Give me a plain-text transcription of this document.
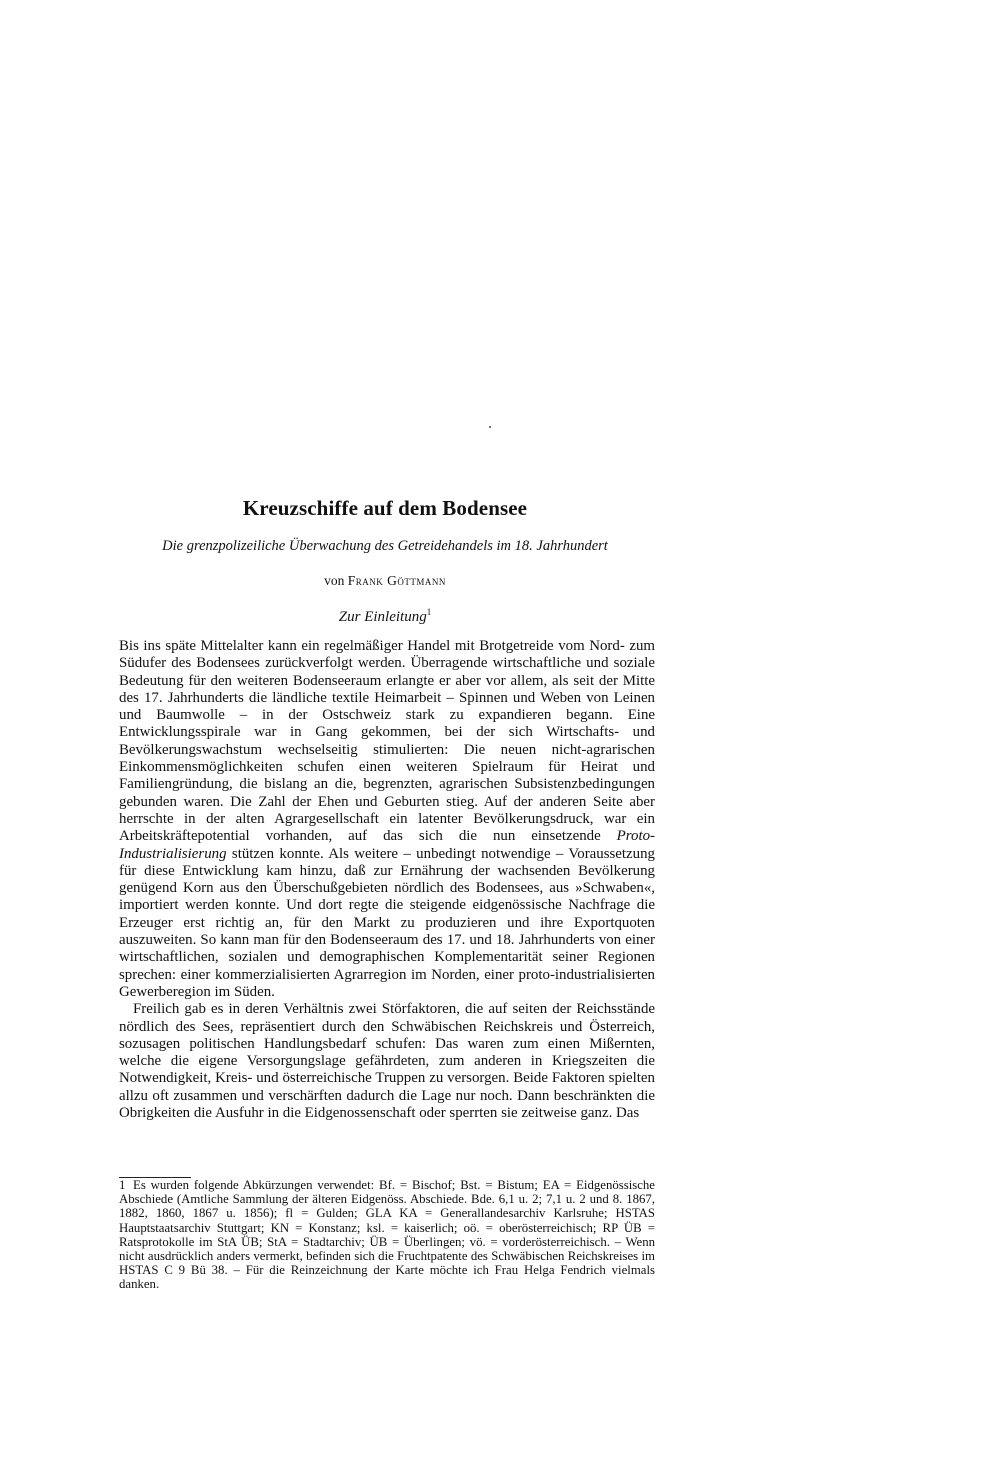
Kreuzschiffe auf dem Bodensee
Die grenzpolizeiliche Überwachung des Getreidehandels im 18. Jahrhundert
von Frank Göttmann
Zur Einleitung$^1$

Bis ins späte Mittelalter kann ein regelmäßiger Handel mit Brotgetreide vom Nord- zum Südufer des Bodensees zurückverfolgt werden. Überragende wirtschaftliche und soziale Bedeutung für den weiteren Bodenseeraum erlangte er aber vor allem, als seit der Mitte des 17. Jahrhunderts die ländliche textile Heimarbeit – Spinnen und Weben von Leinen und Baumwolle – in der Ostschweiz stark zu expandieren begann. Eine Entwicklungsspirale war in Gang gekommen, bei der sich Wirtschafts- und Bevölkerungswachstum wechselseitig stimulierten: Die neuen nicht-agrarischen Einkommensmöglichkeiten schufen einen weiteren Spielraum für Heirat und Familiengründung, die bislang an die, begrenzten, agrarischen Subsistenzbedingungen gebunden waren. Die Zahl der Ehen und Geburten stieg. Auf der anderen Seite aber herrschte in der alten Agrargesellschaft ein latenter Bevölkerungsdruck, war ein Arbeitskräftepotential vorhanden, auf das sich die nun einsetzende Proto-Industrialisierung stützen konnte. Als weitere – unbedingt notwendige – Voraussetzung für diese Entwicklung kam hinzu, daß zur Ernährung der wachsenden Bevölkerung genügend Korn aus den Überschußgebieten nördlich des Bodensees, aus »Schwaben«, importiert werden konnte. Und dort regte die steigende eidgenössische Nachfrage die Erzeuger erst richtig an, für den Markt zu produzieren und ihre Exportquoten auszuweiten. So kann man für den Bodenseeraum des 17. und 18. Jahrhunderts von einer wirtschaftlichen, sozialen und demographischen Komplementarität seiner Regionen sprechen: einer kommerzialisierten Agrarregion im Norden, einer proto-industrialisierten Gewerberegion im Süden.

Freilich gab es in deren Verhältnis zwei Störfaktoren, die auf seiten der Reichsstände nördlich des Sees, repräsentiert durch den Schwäbischen Reichskreis und Österreich, sozusagen politischen Handlungsbedarf schufen: Das waren zum einen Mißernten, welche die eigene Versorgungslage gefährdeten, zum anderen in Kriegszeiten die Notwendigkeit, Kreis- und österreichische Truppen zu versorgen. Beide Faktoren spielten allzu oft zusammen und verschärften dadurch die Lage nur noch. Dann beschränkten die Obrigkeiten die Ausfuhr in die Eidgenossenschaft oder sperrten sie zeitweise ganz. Das

1 Es wurden folgende Abkürzungen verwendet: Bf. = Bischof; Bst. = Bistum; EA = Eidgenössische Abschiede (Amtliche Sammlung der älteren Eidgenöss. Abschiede. Bde. 6,1 u. 2; 7,1 u. 2 und 8. 1867, 1882, 1860, 1867 u. 1856); fl = Gulden; GLA KA = Generallandesarchiv Karlsruhe; HSTAS Hauptstaatsarchiv Stuttgart; KN = Konstanz; ksl. = kaiserlich; oö. = oberösterreichisch; RP ÜB = Ratsprotokolle im StA ÜB; StA = Stadtarchiv; ÜB = Überlingen; vö. = vorderösterreichisch. – Wenn nicht ausdrücklich anders vermerkt, befinden sich die Fruchtpatente des Schwäbischen Reichskreises im HSTAS C 9 Bü 38. – Für die Reinzeichnung der Karte möchte ich Frau Helga Fendrich vielmals danken.
